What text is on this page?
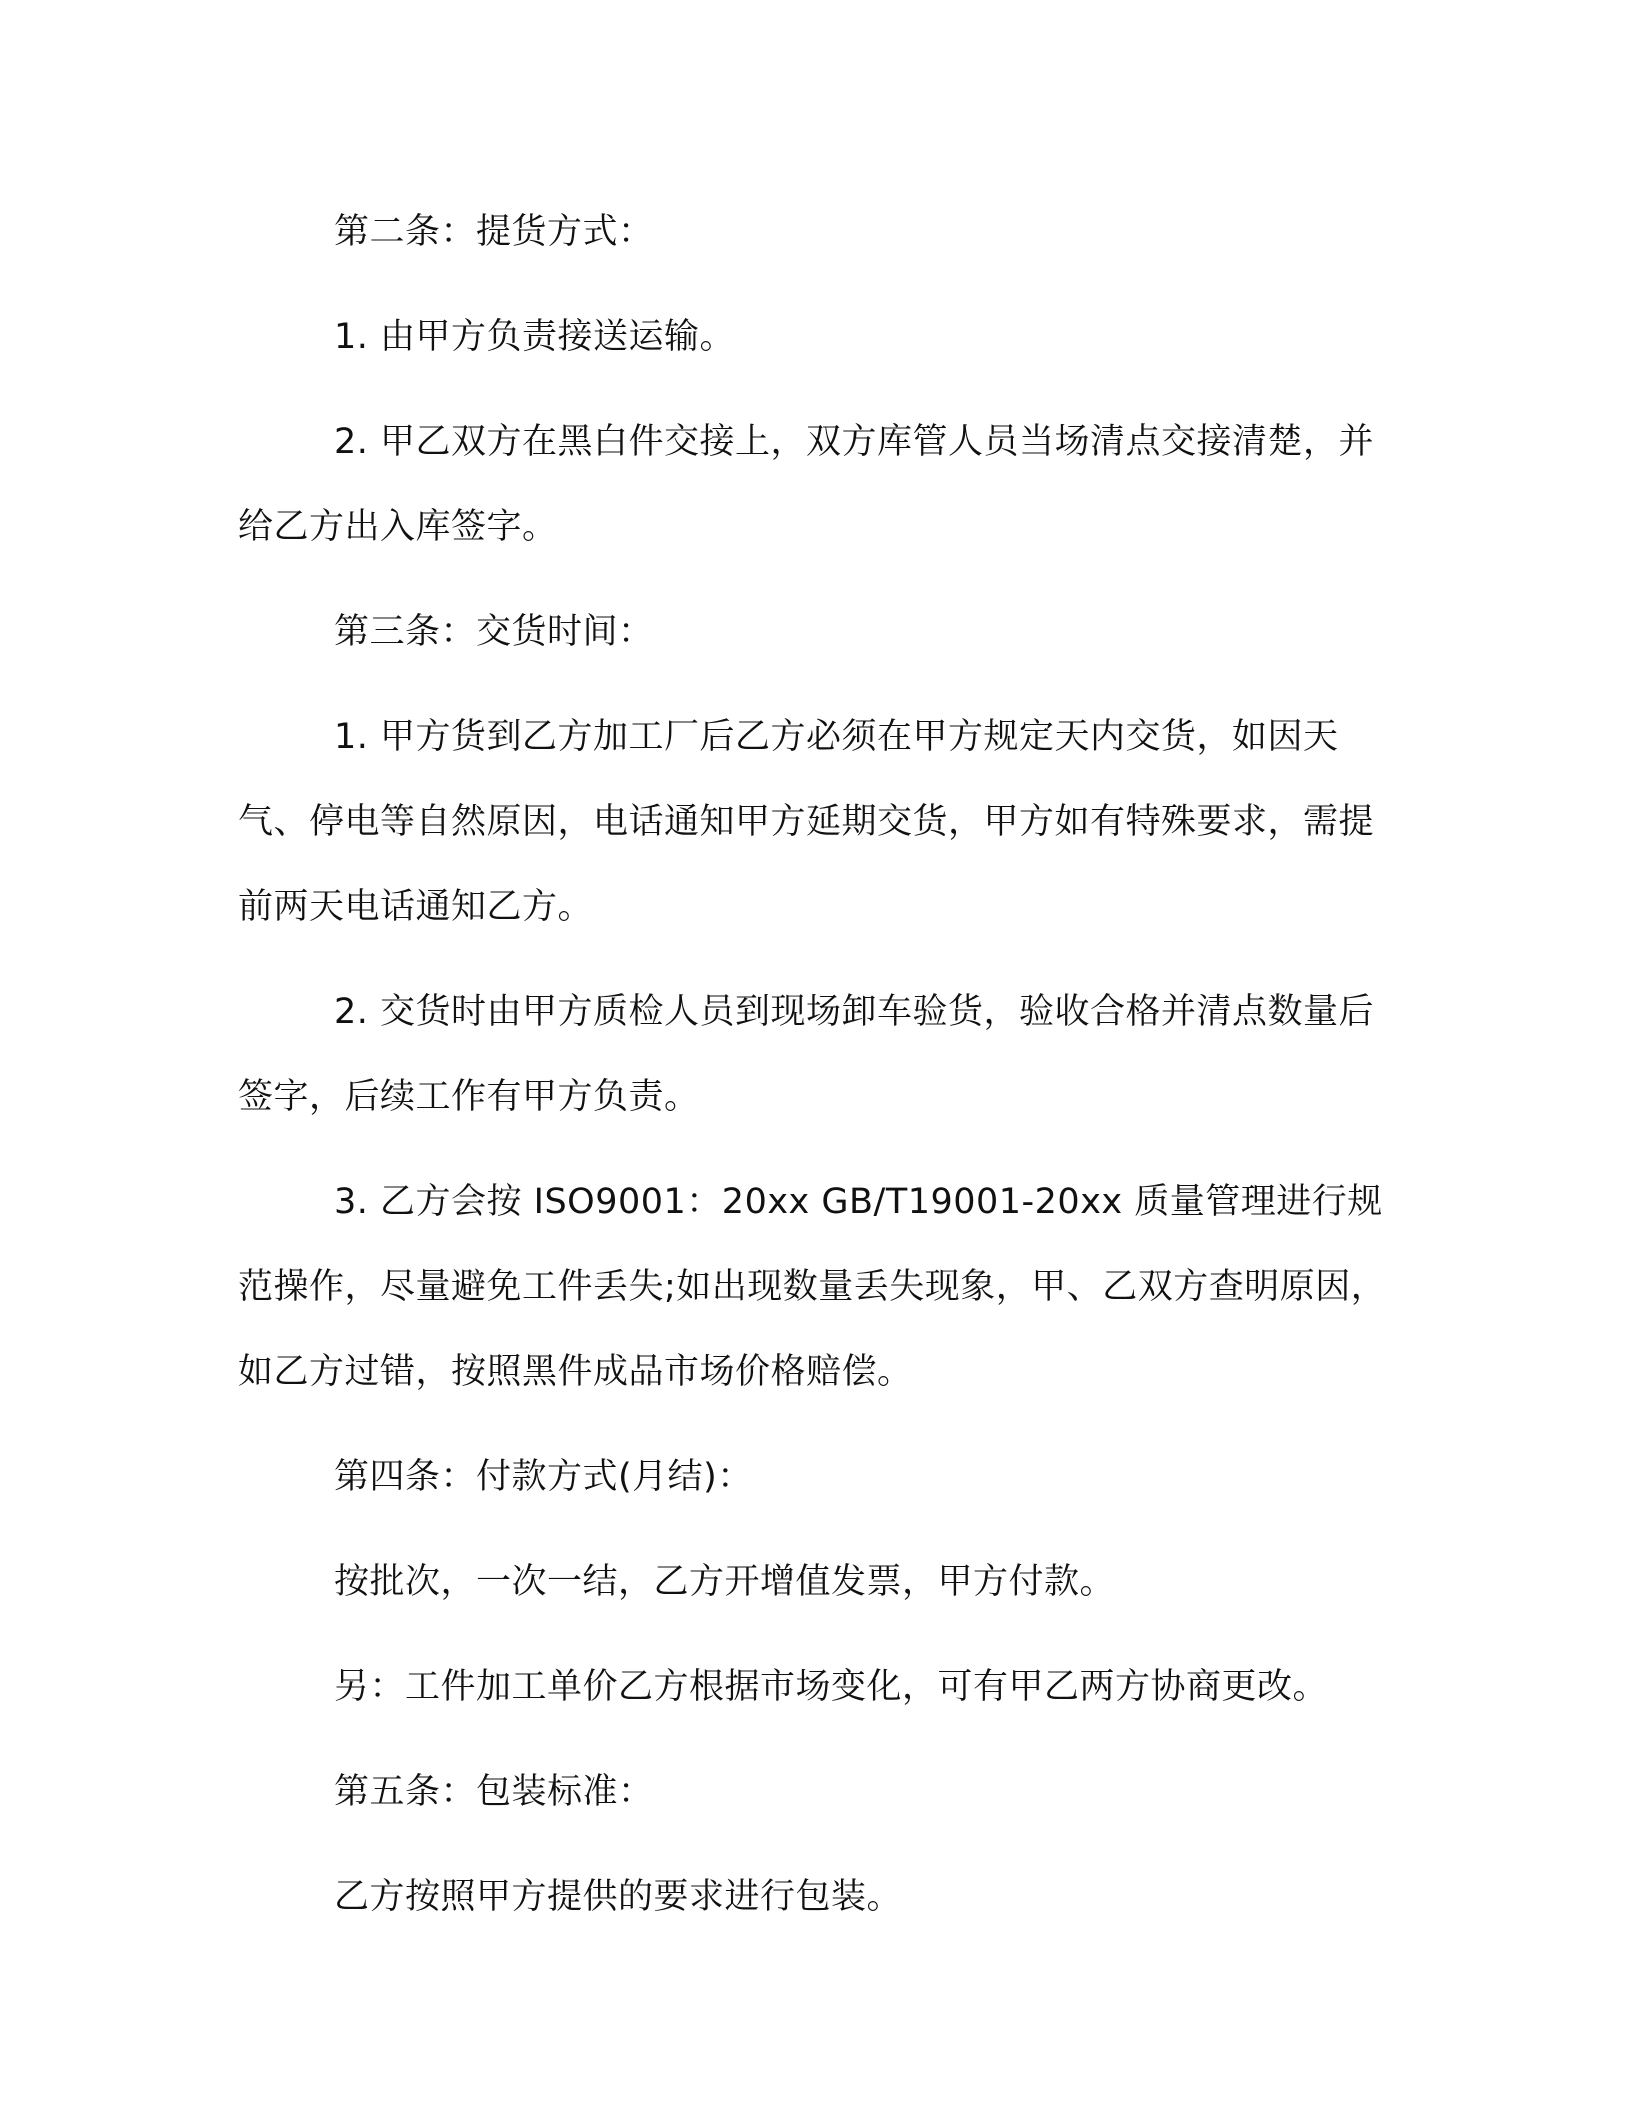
第二条：提货方式：

1. 由甲方负责接送运输。

2. 甲乙双方在黑白件交接上，双方库管人员当场清点交接清楚，并给乙方出入库签字。

第三条：交货时间：

1. 甲方货到乙方加工厂后乙方必须在甲方规定天内交货，如因天气、停电等自然原因，电话通知甲方延期交货，甲方如有特殊要求，需提前两天电话通知乙方。

2. 交货时由甲方质检人员到现场卸车验货，验收合格并清点数量后签字，后续工作有甲方负责。

3. 乙方会按 ISO9001：20xx GB/T19001-20xx 质量管理进行规范操作，尽量避免工件丢失;如出现数量丢失现象，甲、乙双方查明原因，如乙方过错，按照黑件成品市场价格赔偿。

第四条：付款方式(月结)：

按批次，一次一结，乙方开增值发票，甲方付款。

另：工件加工单价乙方根据市场变化，可有甲乙两方协商更改。

第五条：包装标准：

乙方按照甲方提供的要求进行包装。
